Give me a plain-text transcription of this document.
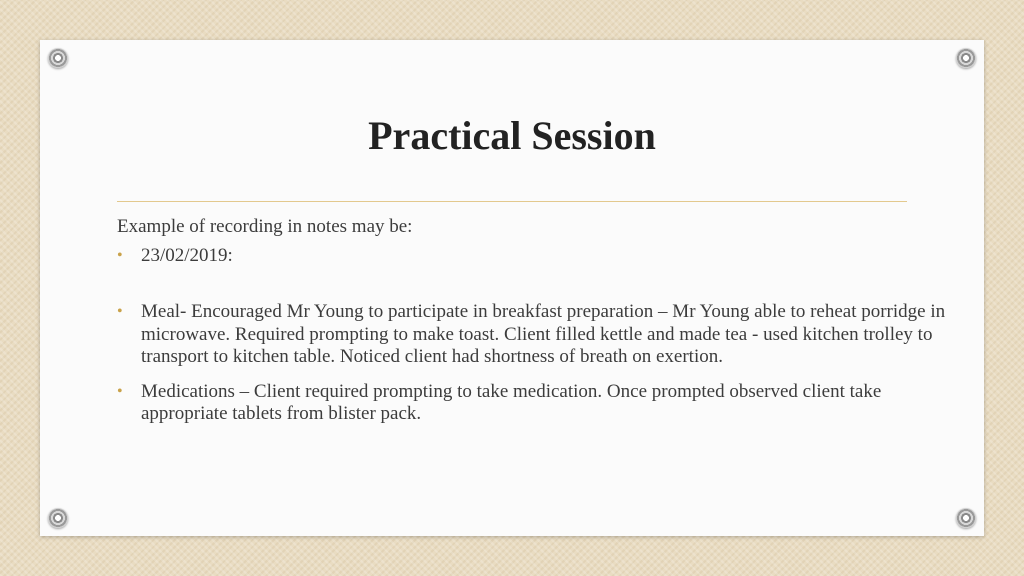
Practical Session

Example of recording in notes may be:

• 23/02/2019:
• Meal- Encouraged Mr Young to participate in breakfast preparation – Mr Young able to reheat porridge in microwave. Required prompting to make toast. Client filled kettle and made tea - used kitchen trolley to transport to kitchen table. Noticed client had shortness of breath on exertion.
• Medications – Client required prompting to take medication. Once prompted observed client take appropriate tablets from blister pack.
